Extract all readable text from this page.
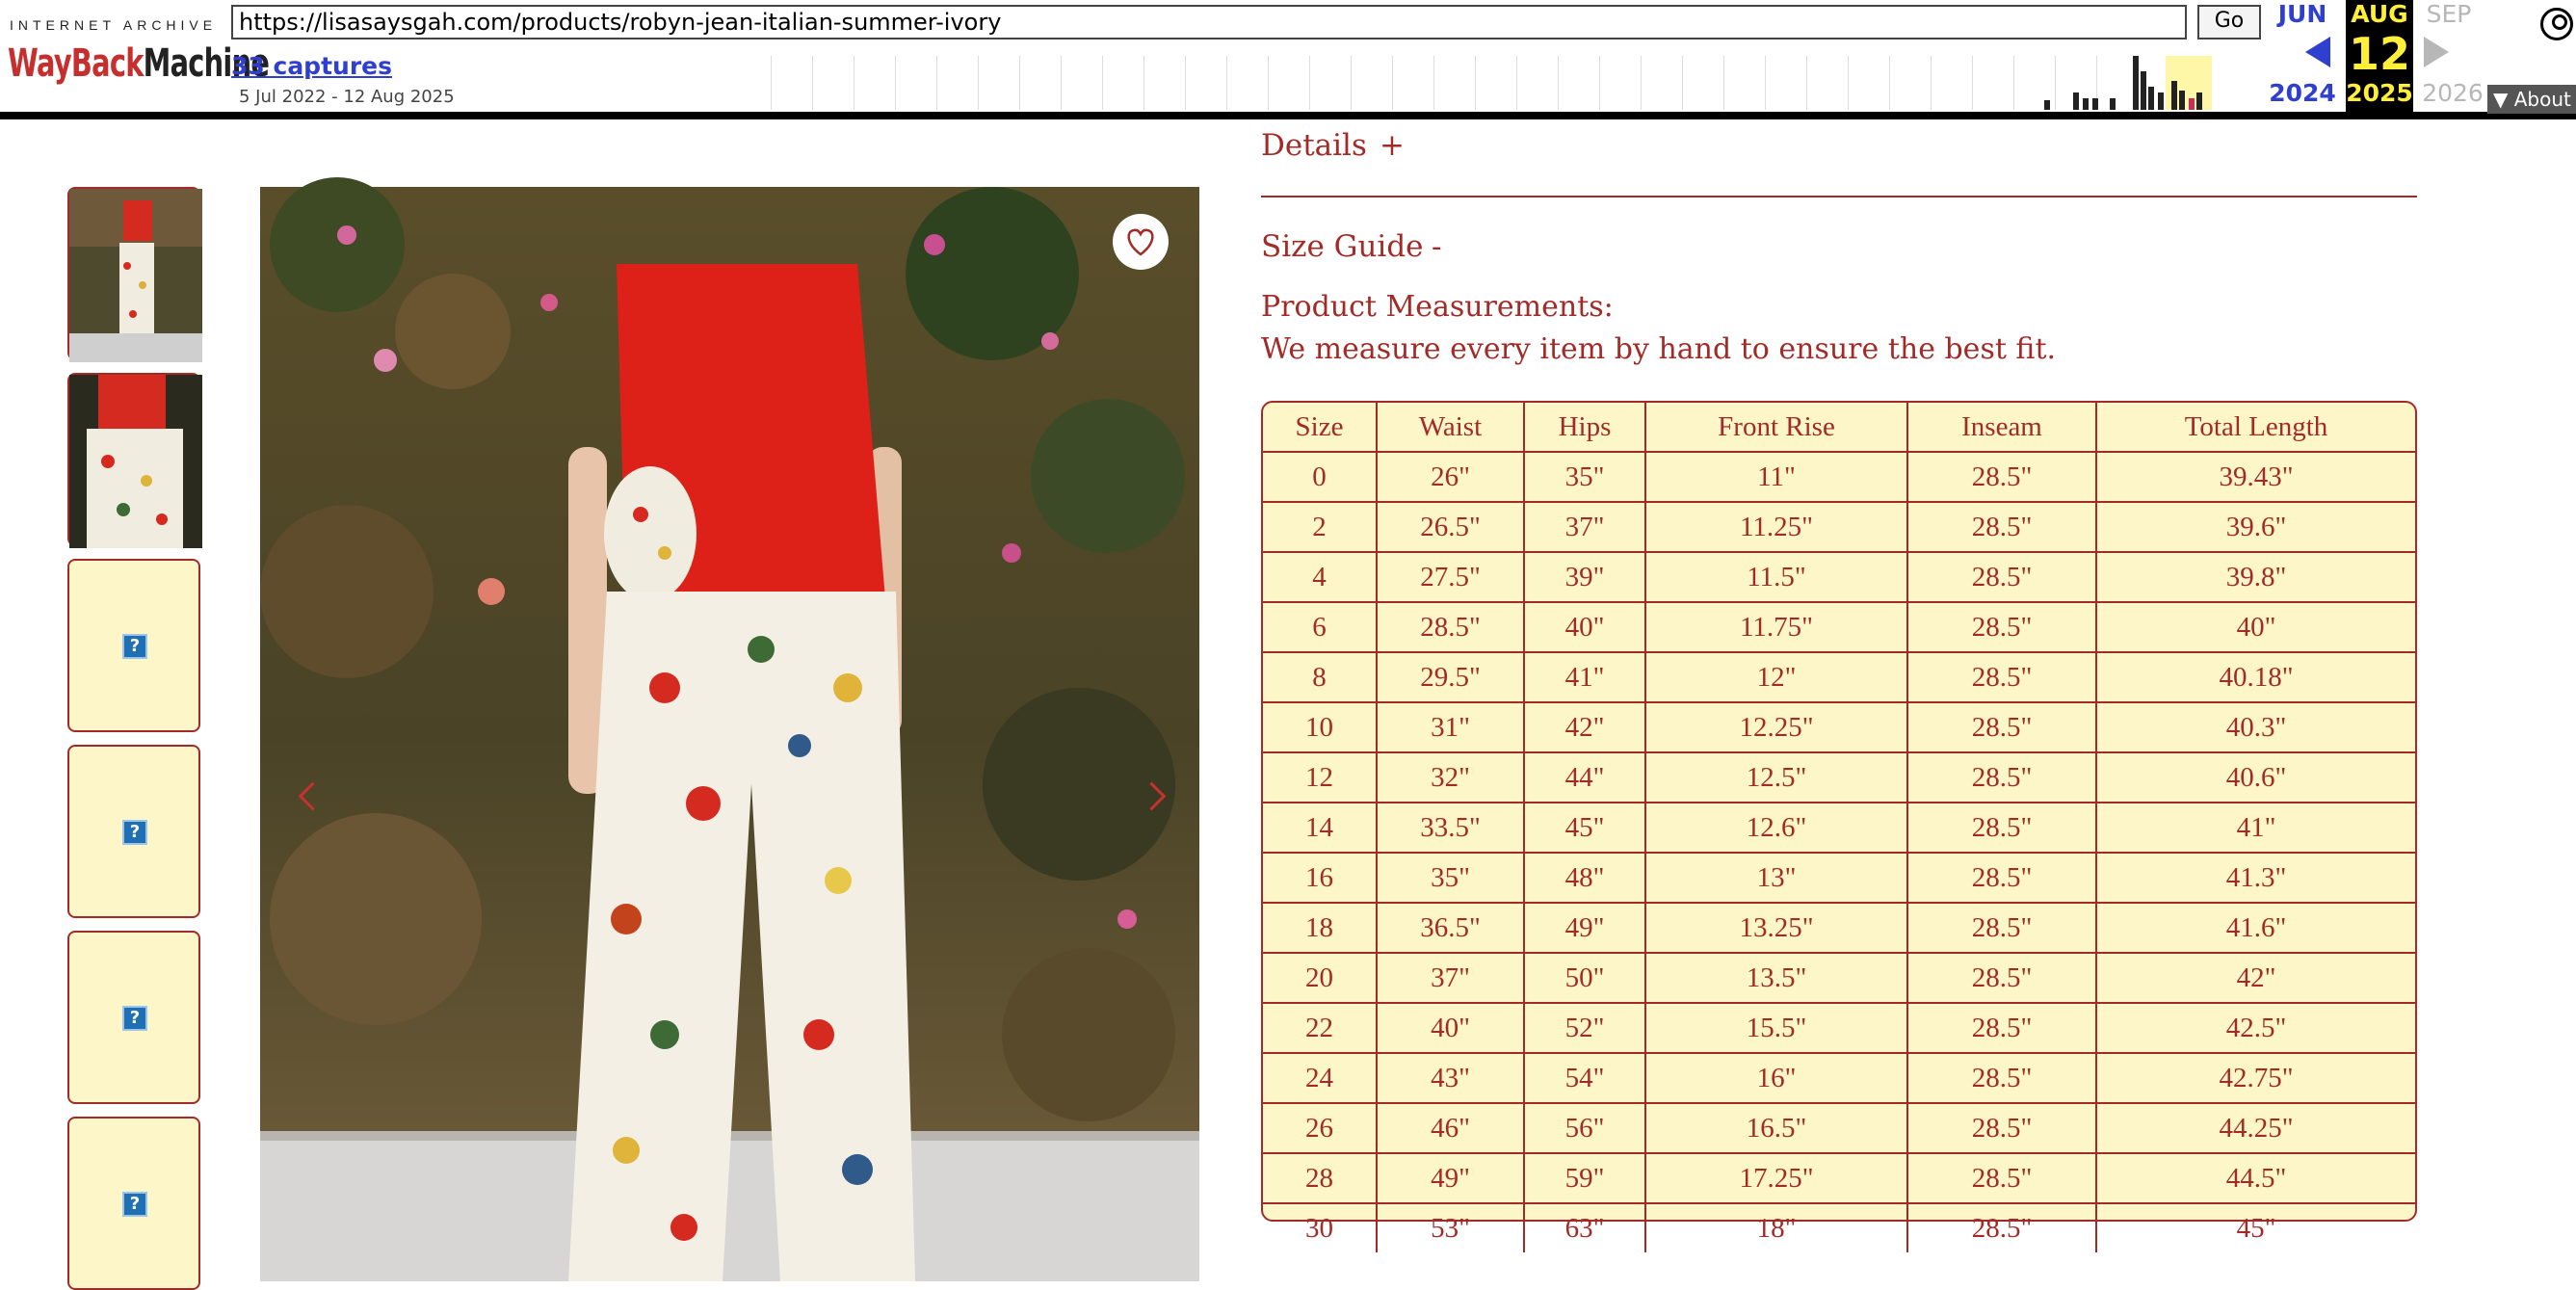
INTERNET ARCHIVE
WayBackMachine
https://lisasaysgah.com/products/robyn-jean-italian-summer-ivory	Go
33 captures
5 Jul 2022 - 12 Aug 2025
JUN
2024
AUG
12
2025
SEP
2026 ▼ About
?
?
?
?
Details +
Size Guide -
Product Measurements:
We measure every item by hand to ensure the best fit.
Size	Waist	Hips	Front Rise	Inseam	Total Length
0	26"	35"	11"	28.5"	39.43"
2	26.5"	37"	11.25"	28.5"	39.6"
4	27.5"	39"	11.5"	28.5"	39.8"
6	28.5"	40"	11.75"	28.5"	40"
8	29.5"	41"	12"	28.5"	40.18"
10	31"	42"	12.25"	28.5"	40.3"
12	32"	44"	12.5"	28.5"	40.6"
14	33.5"	45"	12.6"	28.5"	41"
16	35"	48"	13"	28.5"	41.3"
18	36.5"	49"	13.25"	28.5"	41.6"
20	37"	50"	13.5"	28.5"	42"
22	40"	52"	15.5"	28.5"	42.5"
24	43"	54"	16"	28.5"	42.75"
26	46"	56"	16.5"	28.5"	44.25"
28	49"	59"	17.25"	28.5"	44.5"
30	53"	63"	18"	28.5"	45"
